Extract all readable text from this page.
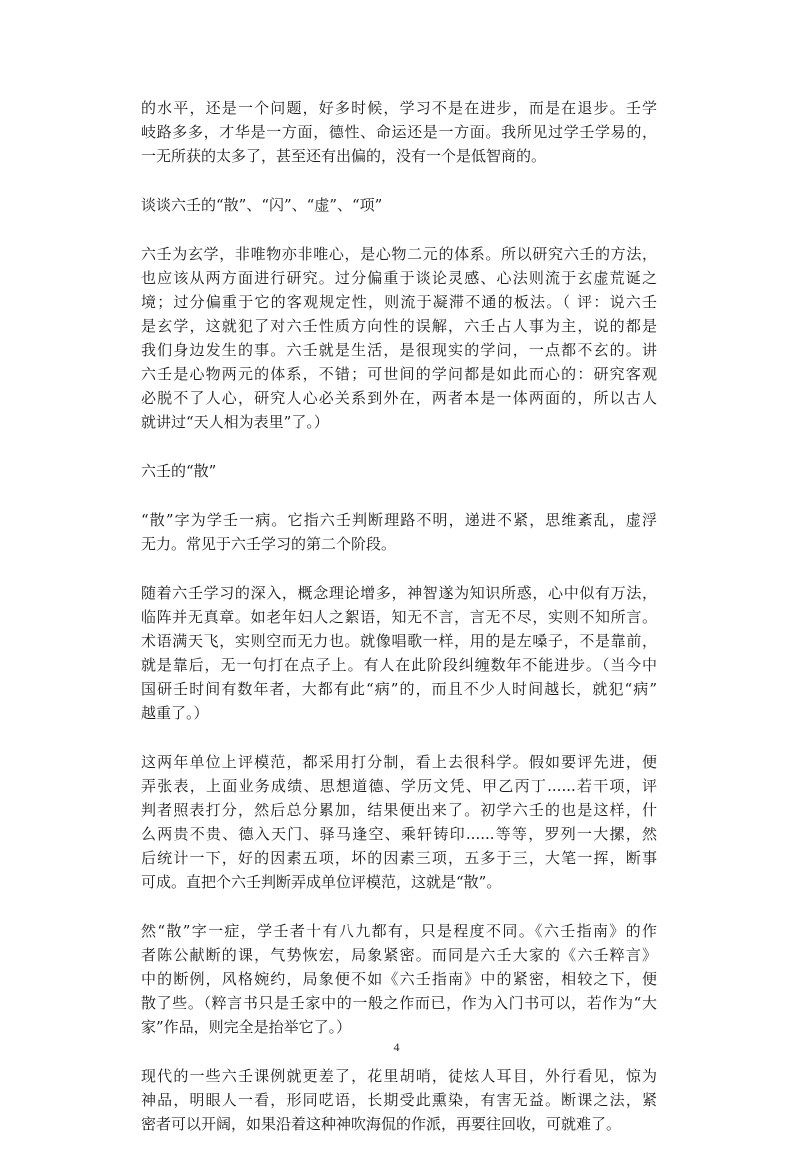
的水平，还是一个问题，好多时候，学习不是在进步，而是在退步。壬学
岐路多多，才华是一方面，德性、命运还是一方面。我所见过学壬学易的，
一无所获的太多了，甚至还有出偏的，没有一个是低智商的。

谈谈六壬的“散”、“闪”、“虚”、“项”

六壬为玄学，非唯物亦非唯心，是心物二元的体系。所以研究六壬的方法，
也应该从两方面进行研究。过分偏重于谈论灵感、心法则流于玄虚荒诞之
境；过分偏重于它的客观规定性，则流于凝滞不通的板法。（ 评：说六壬
是玄学，这就犯了对六壬性质方向性的误解，六壬占人事为主，说的都是
我们身边发生的事。六壬就是生活，是很现实的学问，一点都不玄的。讲
六壬是心物两元的体系，不错；可世间的学问都是如此而心的：研究客观
必脱不了人心，研究人心必关系到外在，两者本是一体两面的，所以古人
就讲过“天人相为表里”了。）

六壬的“散”

“散”字为学壬一病。它指六壬判断理路不明，递进不紧，思维紊乱，虚浮
无力。常见于六壬学习的第二个阶段。

随着六壬学习的深入，概念理论增多，神智遂为知识所惑，心中似有万法，
临阵并无真章。如老年妇人之絮语，知无不言，言无不尽，实则不知所言。
术语满天飞，实则空而无力也。就像唱歌一样，用的是左嗓子，不是靠前，
就是靠后，无一句打在点子上。有人在此阶段纠缠数年不能进步。（当今中
国研壬时间有数年者，大都有此“病”的，而且不少人时间越长，就犯“病”
越重了。）

这两年单位上评模范，都采用打分制，看上去很科学。假如要评先进，便
弄张表，上面业务成绩、思想道德、学历文凭、甲乙丙丁......若干项，评
判者照表打分，然后总分累加，结果便出来了。初学六壬的也是这样，什
么两贵不贵、德入天门、驿马逢空、乘轩铸印......等等，罗列一大摞，然
后统计一下，好的因素五项，坏的因素三项，五多于三，大笔一挥，断事
可成。直把个六壬判断弄成单位评模范，这就是“散”。

然“散”字一症，学壬者十有八九都有，只是程度不同。《六壬指南》的作
者陈公献断的课，气势恢宏，局象紧密。而同是六壬大家的《六壬粹言》
中的断例，风格婉约，局象便不如《六壬指南》中的紧密，相较之下，便
散了些。（粹言书只是壬家中的一般之作而已，作为入门书可以，若作为“大
家”作品，则完全是抬举它了。）

现代的一些六壬课例就更差了，花里胡哨，徒炫人耳目，外行看见，惊为
神品，明眼人一看，形同呓语，长期受此熏染，有害无益。断课之法，紧
密者可以开阔，如果沿着这种神吹海侃的作派，再要往回收，可就难了。

4
